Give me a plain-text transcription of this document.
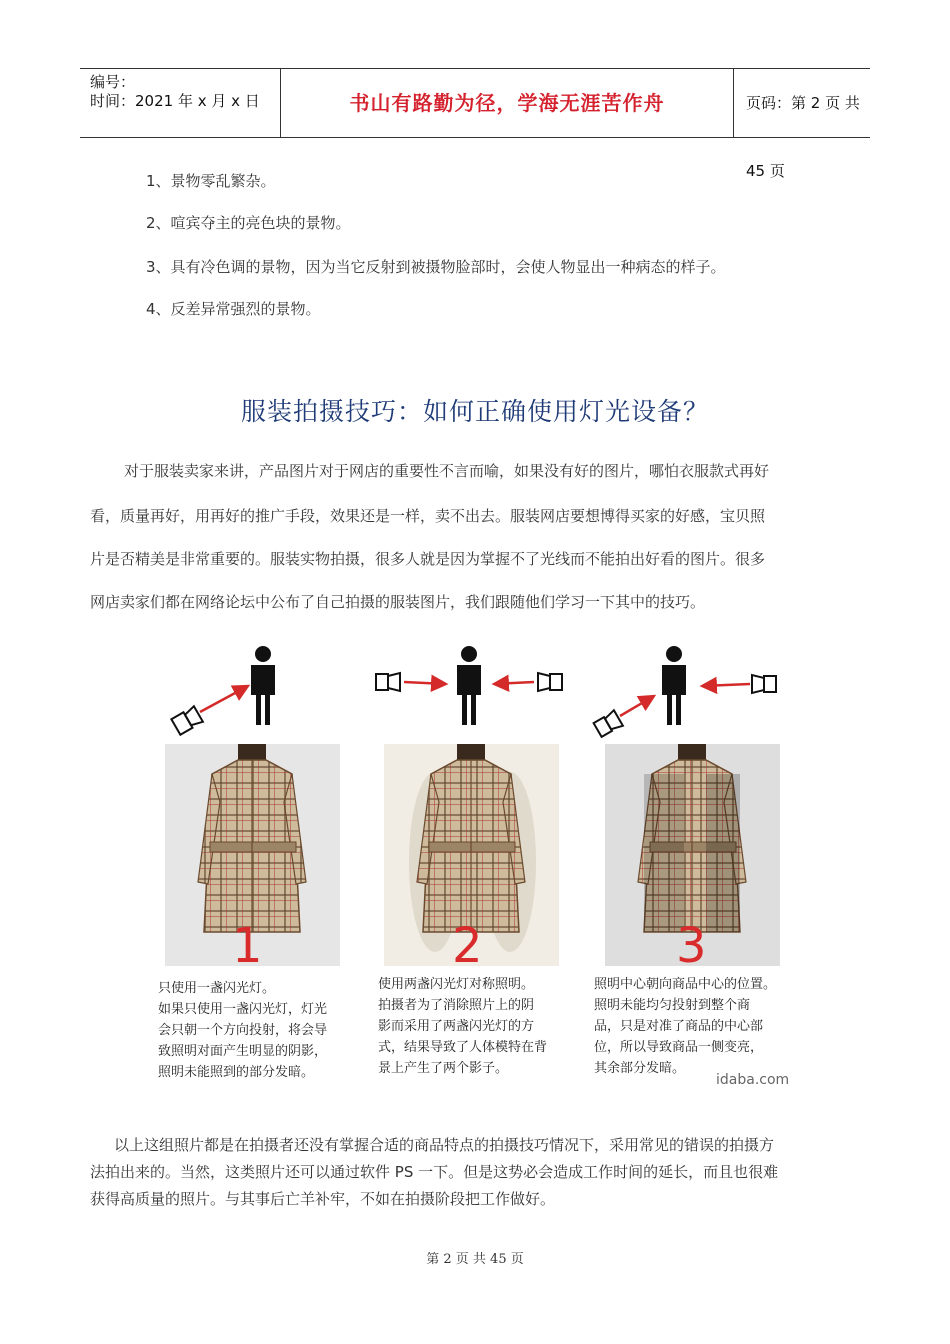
编号：
时间：2021 年 x 月 x 日	书山有路勤为径，学海无涯苦作舟	页码：第 2 页 共 45 页
1、景物零乱繁杂。
2、喧宾夺主的亮色块的景物。
3、具有冷色调的景物，因为当它反射到被摄物脸部时，会使人物显出一种病态的样子。
4、反差异常强烈的景物。
服装拍摄技巧：如何正确使用灯光设备？
对于服装卖家来讲，产品图片对于网店的重要性不言而喻，如果没有好的图片，哪怕衣服款式再好
看，质量再好，用再好的推广手段，效果还是一样，卖不出去。服装网店要想博得买家的好感，宝贝照
片是否精美是非常重要的。服装实物拍摄，很多人就是因为掌握不了光线而不能拍出好看的图片。很多
网店卖家们都在网络论坛中公布了自己拍摄的服装图片，我们跟随他们学习一下其中的技巧。
1	2	3
只使用一盏闪光灯。
如果只使用一盏闪光灯，灯光
会只朝一个方向投射，将会导
致照明对面产生明显的阴影，
照明未能照到的部分发暗。
使用两盏闪光灯对称照明。
拍摄者为了消除照片上的阴
影而采用了两盏闪光灯的方
式，结果导致了人体模特在背
景上产生了两个影子。
照明中心朝向商品中心的位置。
照明未能均匀投射到整个商
品，只是对准了商品的中心部
位，所以导致商品一侧变亮，
其余部分发暗。
idaba.com
以上这组照片都是在拍摄者还没有掌握合适的商品特点的拍摄技巧情况下，采用常见的错误的拍摄方
法拍出来的。当然，这类照片还可以通过软件 PS 一下。但是这势必会造成工作时间的延长，而且也很难
获得高质量的照片。与其事后亡羊补牢，不如在拍摄阶段把工作做好。
第 2 页 共 45 页
